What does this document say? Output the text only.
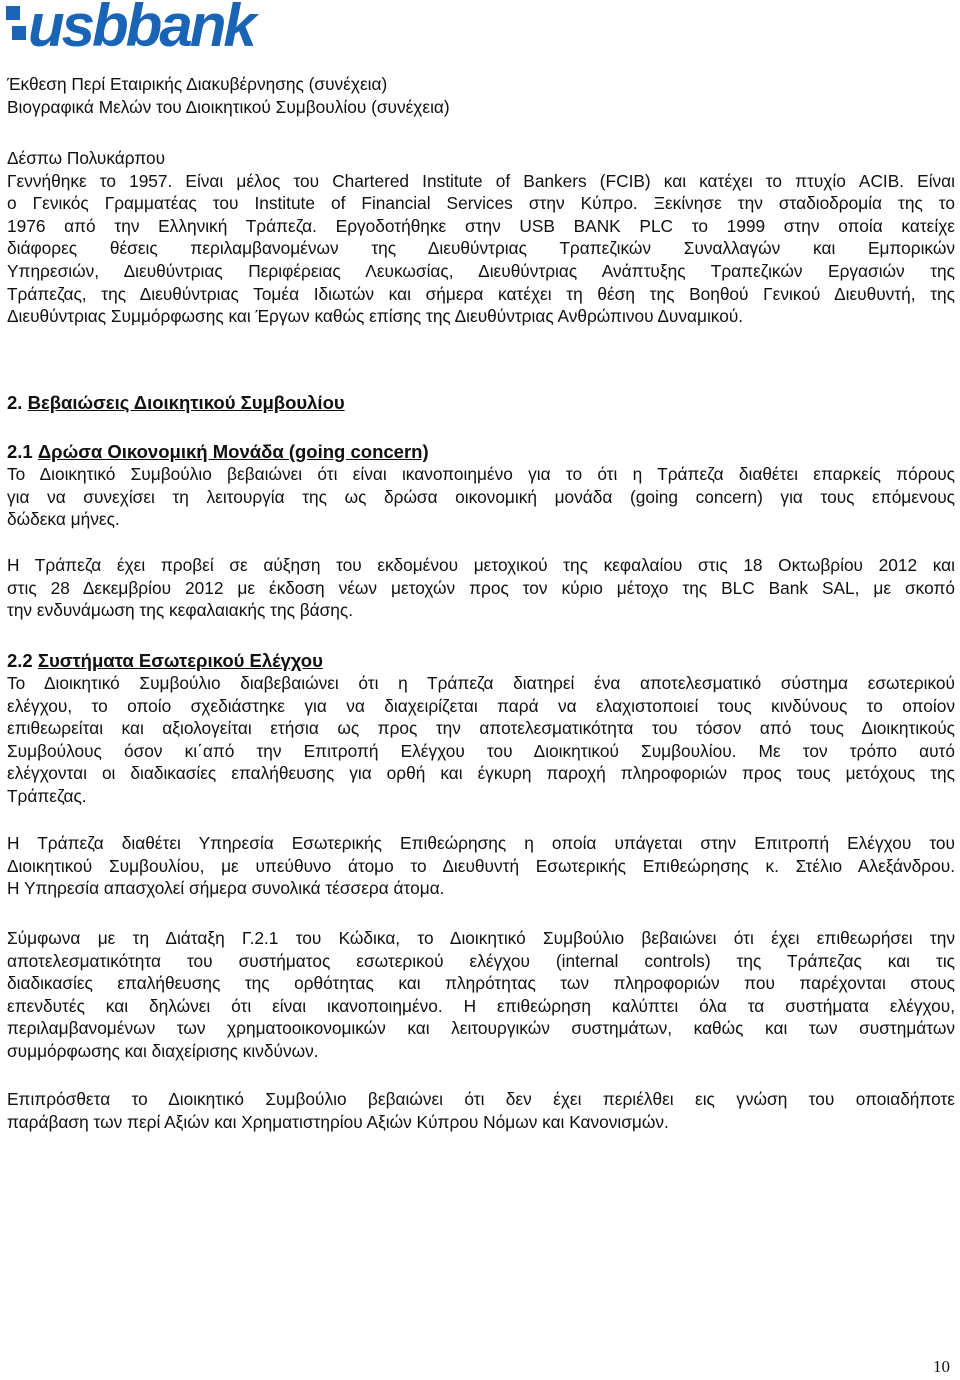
usbbank

Έκθεση Περί Εταιρικής Διακυβέρνησης (συνέχεια)

Βιογραφικά Μελών του Διοικητικού Συμβουλίου (συνέχεια)

Δέσπω Πολυκάρπου

Γεννήθηκε το 1957. Είναι μέλος του Chartered Institute of Bankers (FCIB) και κατέχει το πτυχίο ACIB. Είναι

ο Γενικός Γραμματέας του Institute of Financial Services στην Κύπρο. Ξεκίνησε την σταδιοδρομία της το

1976 από την Ελληνική Τράπεζα. Εργοδοτήθηκε στην USB BANK PLC το 1999 στην οποία κατείχε

διάφορες θέσεις περιλαμβανομένων της Διευθύντριας Τραπεζικών Συναλλαγών και Εμπορικών

Υπηρεσιών, Διευθύντριας Περιφέρειας Λευκωσίας, Διευθύντριας Ανάπτυξης Τραπεζικών Εργασιών της

Τράπεζας, της Διευθύντριας Τομέα Ιδιωτών και σήμερα κατέχει τη θέση της Βοηθού Γενικού Διευθυντή, της

Διευθύντριας Συμμόρφωσης και Έργων καθώς επίσης της Διευθύντριας Ανθρώπινου Δυναμικού.

2. Βεβαιώσεις Διοικητικού Συμβουλίου

2.1 Δρώσα Οικονομική Μονάδα (going concern)

Το Διοικητικό Συμβούλιο βεβαιώνει ότι είναι ικανοποιημένο για το ότι η Τράπεζα διαθέτει επαρκείς πόρους

για να συνεχίσει τη λειτουργία της ως δρώσα οικονομική μονάδα (going concern) για τους επόμενους

δώδεκα μήνες.

Η Τράπεζα έχει προβεί σε αύξηση του εκδομένου μετοχικού της κεφαλαίου στις 18 Οκτωβρίου 2012 και

στις 28 Δεκεμβρίου 2012 με έκδοση νέων μετοχών προς τον κύριο μέτοχο της BLC Bank SAL, με σκοπό

την ενδυνάμωση της κεφαλαιακής της βάσης.

2.2 Συστήματα Εσωτερικού Ελέγχου

Το Διοικητικό Συμβούλιο διαβεβαιώνει ότι η Τράπεζα διατηρεί ένα αποτελεσματικό σύστημα εσωτερικού

ελέγχου, το οποίο σχεδιάστηκε για να διαχειρίζεται παρά να ελαχιστοποιεί τους κινδύνους το οποίον

επιθεωρείται και αξιολογείται ετήσια ως προς την αποτελεσματικότητα του τόσον από τους Διοικητικούς

Συμβούλους όσον κι΄από την Επιτροπή Ελέγχου του Διοικητικού Συμβουλίου. Με τον τρόπο αυτό

ελέγχονται οι διαδικασίες επαλήθευσης για ορθή και έγκυρη παροχή πληροφοριών προς τους μετόχους της

Τράπεζας.

Η Τράπεζα διαθέτει Υπηρεσία Εσωτερικής Επιθεώρησης η οποία υπάγεται στην Επιτροπή Ελέγχου του

Διοικητικού Συμβουλίου, με υπεύθυνο άτομο το Διευθυντή Εσωτερικής Επιθεώρησης κ. Στέλιο Αλεξάνδρου.

Η Υπηρεσία απασχολεί σήμερα συνολικά τέσσερα άτομα.

Σύμφωνα με τη Διάταξη Γ.2.1 του Κώδικα, το Διοικητικό Συμβούλιο βεβαιώνει ότι έχει επιθεωρήσει την

αποτελεσματικότητα του συστήματος εσωτερικού ελέγχου (internal controls) της Τράπεζας και τις

διαδικασίες επαλήθευσης της ορθότητας και πληρότητας των πληροφοριών που παρέχονται στους

επενδυτές και δηλώνει ότι είναι ικανοποιημένο. Η επιθεώρηση καλύπτει όλα τα συστήματα ελέγχου,

περιλαμβανομένων των χρηματοοικονομικών και λειτουργικών συστημάτων, καθώς και των συστημάτων

συμμόρφωσης και διαχείρισης κινδύνων.

Επιπρόσθετα το Διοικητικό Συμβούλιο βεβαιώνει ότι δεν έχει περιέλθει εις γνώση του οποιαδήποτε

παράβαση των περί Αξιών και Χρηματιστηρίου Αξιών Κύπρου Νόμων και Κανονισμών.

10
